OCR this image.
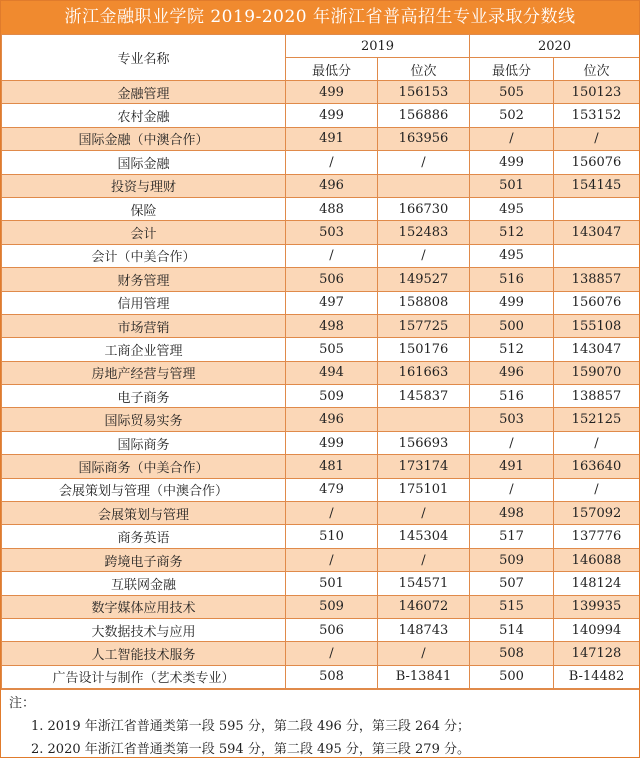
浙江金融职业学院 2019-2020 年浙江省普高招生专业录取分数线
专业名称	2019		2020	
	最低分	位次	最低分	位次
金融管理	499	156153	505	150123
农村金融	499	156886	502	153152
国际金融（中澳合作）	491	163956	/	/
国际金融	/	/	499	156076
投资与理财	496		501	154145
保险	488	166730	495	
会计	503	152483	512	143047
会计（中美合作）	/	/	495	
财务管理	506	149527	516	138857
信用管理	497	158808	499	156076
市场营销	498	157725	500	155108
工商企业管理	505	150176	512	143047
房地产经营与管理	494	161663	496	159070
电子商务	509	145837	516	138857
国际贸易实务	496		503	152125
国际商务	499	156693	/	/
国际商务（中美合作）	481	173174	491	163640
会展策划与管理（中澳合作）	479	175101	/	/
会展策划与管理	/	/	498	157092
商务英语	510	145304	517	137776
跨境电子商务	/	/	509	146088
互联网金融	501	154571	507	148124
数字媒体应用技术	509	146072	515	139935
大数据技术与应用	506	148743	514	140994
人工智能技术服务	/	/	508	147128
广告设计与制作（艺术类专业）	508	B-13841	500	B-14482
注：
1. 2019 年浙江省普通类第一段 595 分，第二段 496 分，第三段 264 分；
2. 2020 年浙江省普通类第一段 594 分，第二段 495 分，第三段 279 分。
